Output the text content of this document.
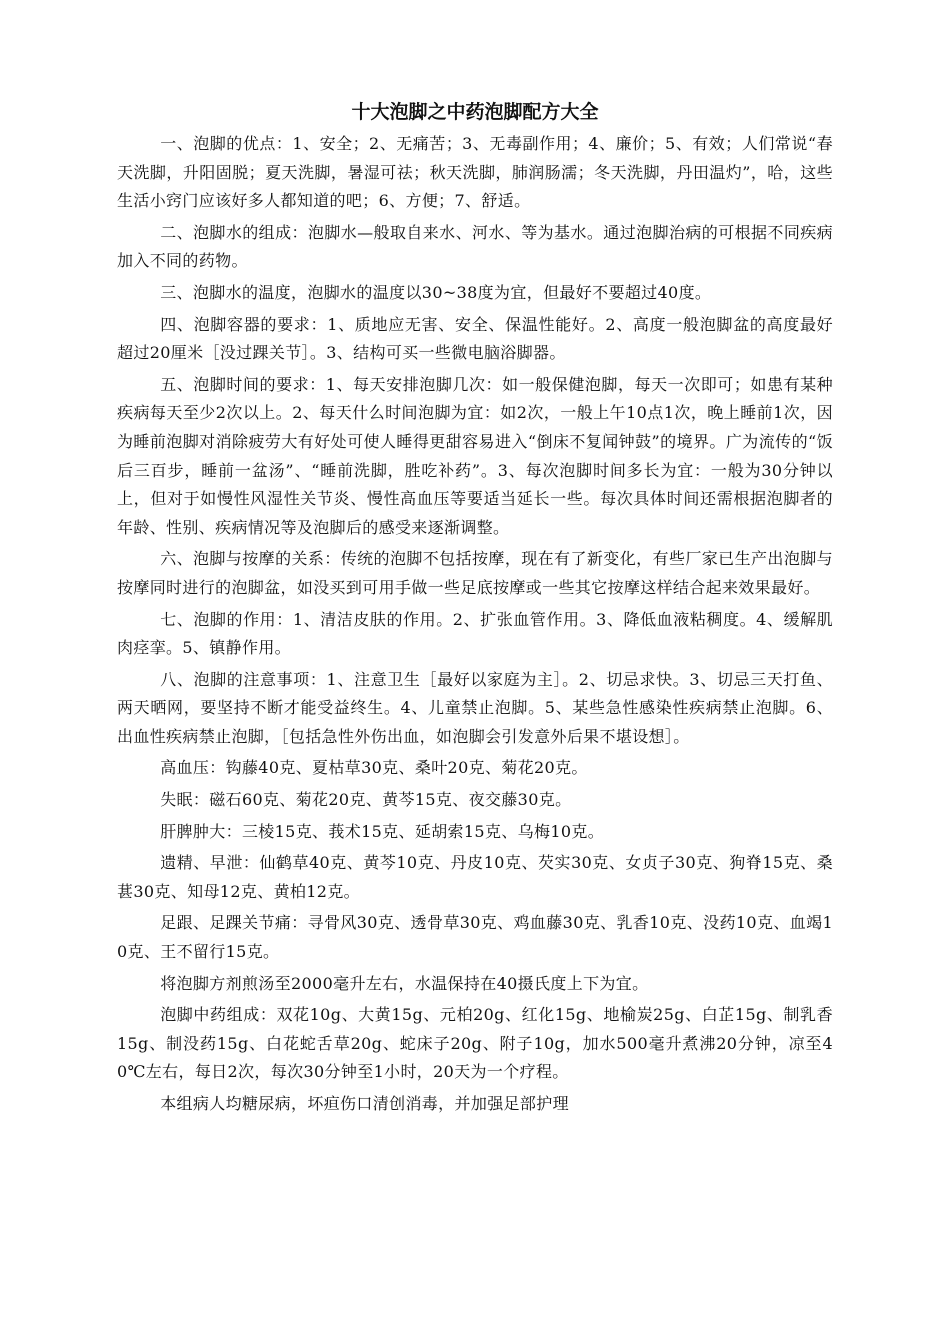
十大泡脚之中药泡脚配方大全

一、泡脚的优点：1、安全；2、无痛苦；3、无毒副作用；4、廉价；5、有效；人们常说“春天洗脚，升阳固脱；夏天洗脚，暑湿可祛；秋天洗脚，肺润肠濡；冬天洗脚，丹田温灼”，哈，这些生活小窍门应该好多人都知道的吧；6、方便；7、舒适。

二、泡脚水的组成：泡脚水—般取自来水、河水、等为基水。通过泡脚治病的可根据不同疾病加入不同的药物。

三、泡脚水的温度，泡脚水的温度以30~38度为宜，但最好不要超过40度。

四、泡脚容器的要求：1、质地应无害、安全、保温性能好。2、高度一般泡脚盆的高度最好超过20厘米［没过踝关节］。3、结构可买一些微电脑浴脚器。

五、泡脚时间的要求：1、每天安排泡脚几次：如一般保健泡脚，每天一次即可；如患有某种疾病每天至少2次以上。2、每天什么时间泡脚为宜：如2次，一般上午10点1次，晚上睡前1次，因为睡前泡脚对消除疲劳大有好处可使人睡得更甜容易进入“倒床不复闻钟鼓”的境界。广为流传的“饭后三百步，睡前一盆汤”、“睡前洗脚，胜吃补药”。3、每次泡脚时间多长为宜：一般为30分钟以上，但对于如慢性风湿性关节炎、慢性高血压等要适当延长一些。每次具体时间还需根据泡脚者的年龄、性别、疾病情况等及泡脚后的感受来逐渐调整。

六、泡脚与按摩的关系：传统的泡脚不包括按摩，现在有了新变化，有些厂家已生产出泡脚与按摩同时进行的泡脚盆，如没买到可用手做一些足底按摩或一些其它按摩这样结合起来效果最好。

七、泡脚的作用：1、清洁皮肤的作用。2、扩张血管作用。3、降低血液粘稠度。4、缓解肌肉痉挛。5、镇静作用。

八、泡脚的注意事项：1、注意卫生［最好以家庭为主］。2、切忌求快。3、切忌三天打鱼、两天晒网，要坚持不断才能受益终生。4、儿童禁止泡脚。5、某些急性感染性疾病禁止泡脚。6、出血性疾病禁止泡脚，［包括急性外伤出血，如泡脚会引发意外后果不堪设想］。

高血压：钩藤40克、夏枯草30克、桑叶20克、菊花20克。

失眠：磁石60克、菊花20克、黄芩15克、夜交藤30克。

肝脾肿大：三棱15克、莪术15克、延胡索15克、乌梅10克。

遗精、早泄：仙鹤草40克、黄芩10克、丹皮10克、芡实30克、女贞子30克、狗脊15克、桑葚30克、知母12克、黄柏12克。

足跟、足踝关节痛：寻骨风30克、透骨草30克、鸡血藤30克、乳香10克、没药10克、血竭10克、王不留行15克。

将泡脚方剂煎汤至2000毫升左右，水温保持在40摄氏度上下为宜。

泡脚中药组成：双花10g、大黄15g、元柏20g、红化15g、地榆炭25g、白芷15g、制乳香15g、制没药15g、白花蛇舌草20g、蛇床子20g、附子10g，加水500毫升煮沸20分钟，凉至40℃左右，每日2次，每次30分钟至1小时，20天为一个疗程。

本组病人均糖尿病，坏疸伤口清创消毒，并加强足部护理
